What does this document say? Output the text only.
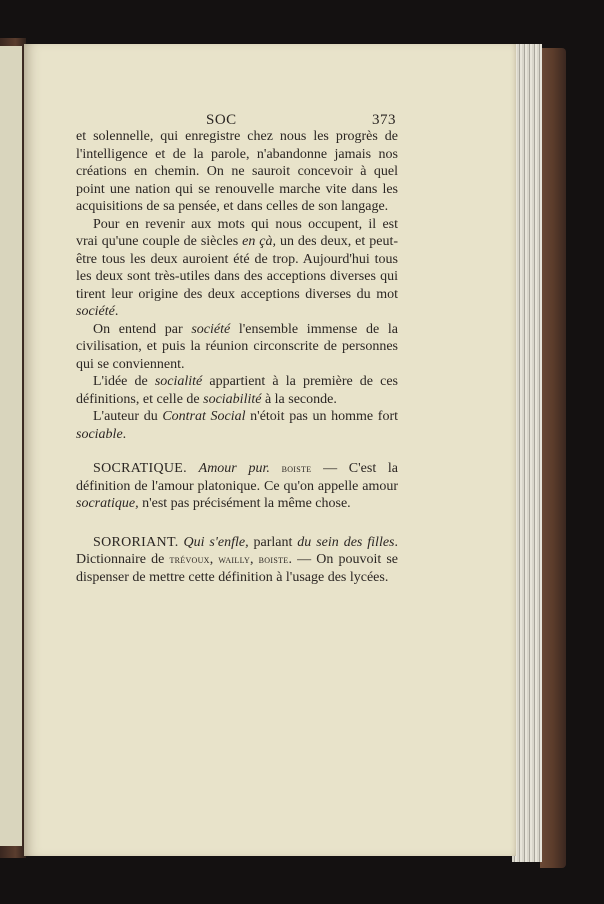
SOC	373

et solennelle, qui enregistre chez nous les progrès de l'intelligence et de la parole, n'abandonne jamais nos créations en chemin. On ne sauroit concevoir à quel point une nation qui se renouvelle marche vite dans les acquisitions de sa pensée, et dans celles de son langage.

Pour en revenir aux mots qui nous occupent, il est vrai qu'une couple de siècles en çà, un des deux, et peut-être tous les deux auroient été de trop. Aujourd'hui tous les deux sont très-utiles dans des acceptions diverses qui tirent leur origine des deux acceptions diverses du mot société.

On entend par société l'ensemble immense de la civilisation, et puis la réunion circonscrite de personnes qui se conviennent.

L'idée de socialité appartient à la première de ces définitions, et celle de sociabilité à la seconde.

L'auteur du Contrat Social n'étoit pas un homme fort sociable.

SOCRATIQUE. Amour pur. boiste — C'est la définition de l'amour platonique. Ce qu'on appelle amour socratique, n'est pas précisément la même chose.

SORORIANT. Qui s'enfle, parlant du sein des filles. Dictionnaire de trévoux, wailly, boiste. — On pouvoit se dispenser de mettre cette définition à l'usage des lycées.
